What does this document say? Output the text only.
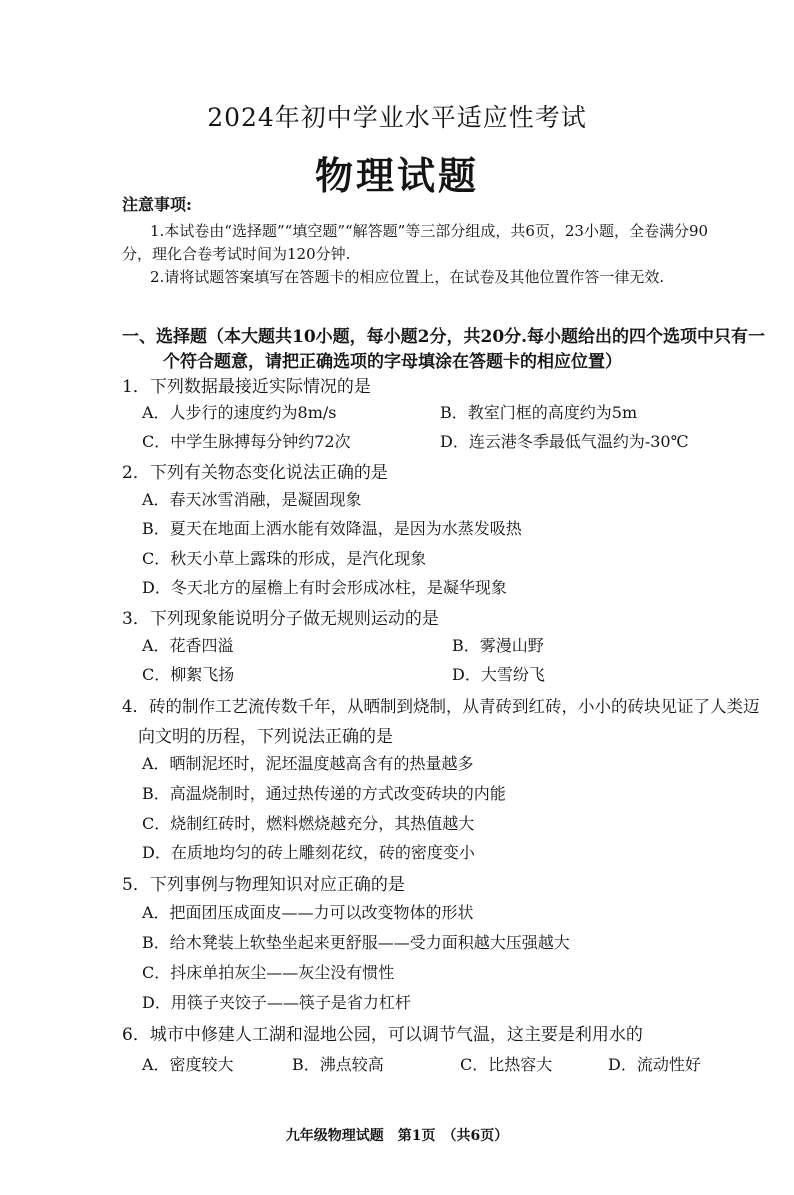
2024年初中学业水平适应性考试
物理试题
注意事项:
1.本试卷由“选择题”“填空题”“解答题”等三部分组成，共6页，23小题，全卷满分90
分，理化合卷考试时间为120分钟.
2.请将试题答案填写在答题卡的相应位置上，在试卷及其他位置作答一律无效.
一、选择题（本大题共10小题，每小题2分，共20分.每小题给出的四个选项中只有一
个符合题意，请把正确选项的字母填涂在答题卡的相应位置）
1．下列数据最接近实际情况的是
A．人步行的速度约为8m/s	B．教室门框的高度约为5m
C．中学生脉搏每分钟约72次	D．连云港冬季最低气温约为-30℃
2．下列有关物态变化说法正确的是
A．春天冰雪消融，是凝固现象
B．夏天在地面上洒水能有效降温，是因为水蒸发吸热
C．秋天小草上露珠的形成，是汽化现象
D．冬天北方的屋檐上有时会形成冰柱，是凝华现象
3．下列现象能说明分子做无规则运动的是
A．花香四溢	B．雾漫山野
C．柳絮飞扬	D．大雪纷飞
4．砖的制作工艺流传数千年，从晒制到烧制，从青砖到红砖，小小的砖块见证了人类迈
向文明的历程，下列说法正确的是
A．晒制泥坯时，泥坯温度越高含有的热量越多
B．高温烧制时，通过热传递的方式改变砖块的内能
C．烧制红砖时，燃料燃烧越充分，其热值越大
D．在质地均匀的砖上雕刻花纹，砖的密度变小
5．下列事例与物理知识对应正确的是
A．把面团压成面皮——力可以改变物体的形状
B．给木凳装上软垫坐起来更舒服——受力面积越大压强越大
C．抖床单拍灰尘——灰尘没有惯性
D．用筷子夹饺子——筷子是省力杠杆
6．城市中修建人工湖和湿地公园，可以调节气温，这主要是利用水的
A．密度较大	B．沸点较高	C．比热容大	D．流动性好
九年级物理试题　第1页　（共6页）
